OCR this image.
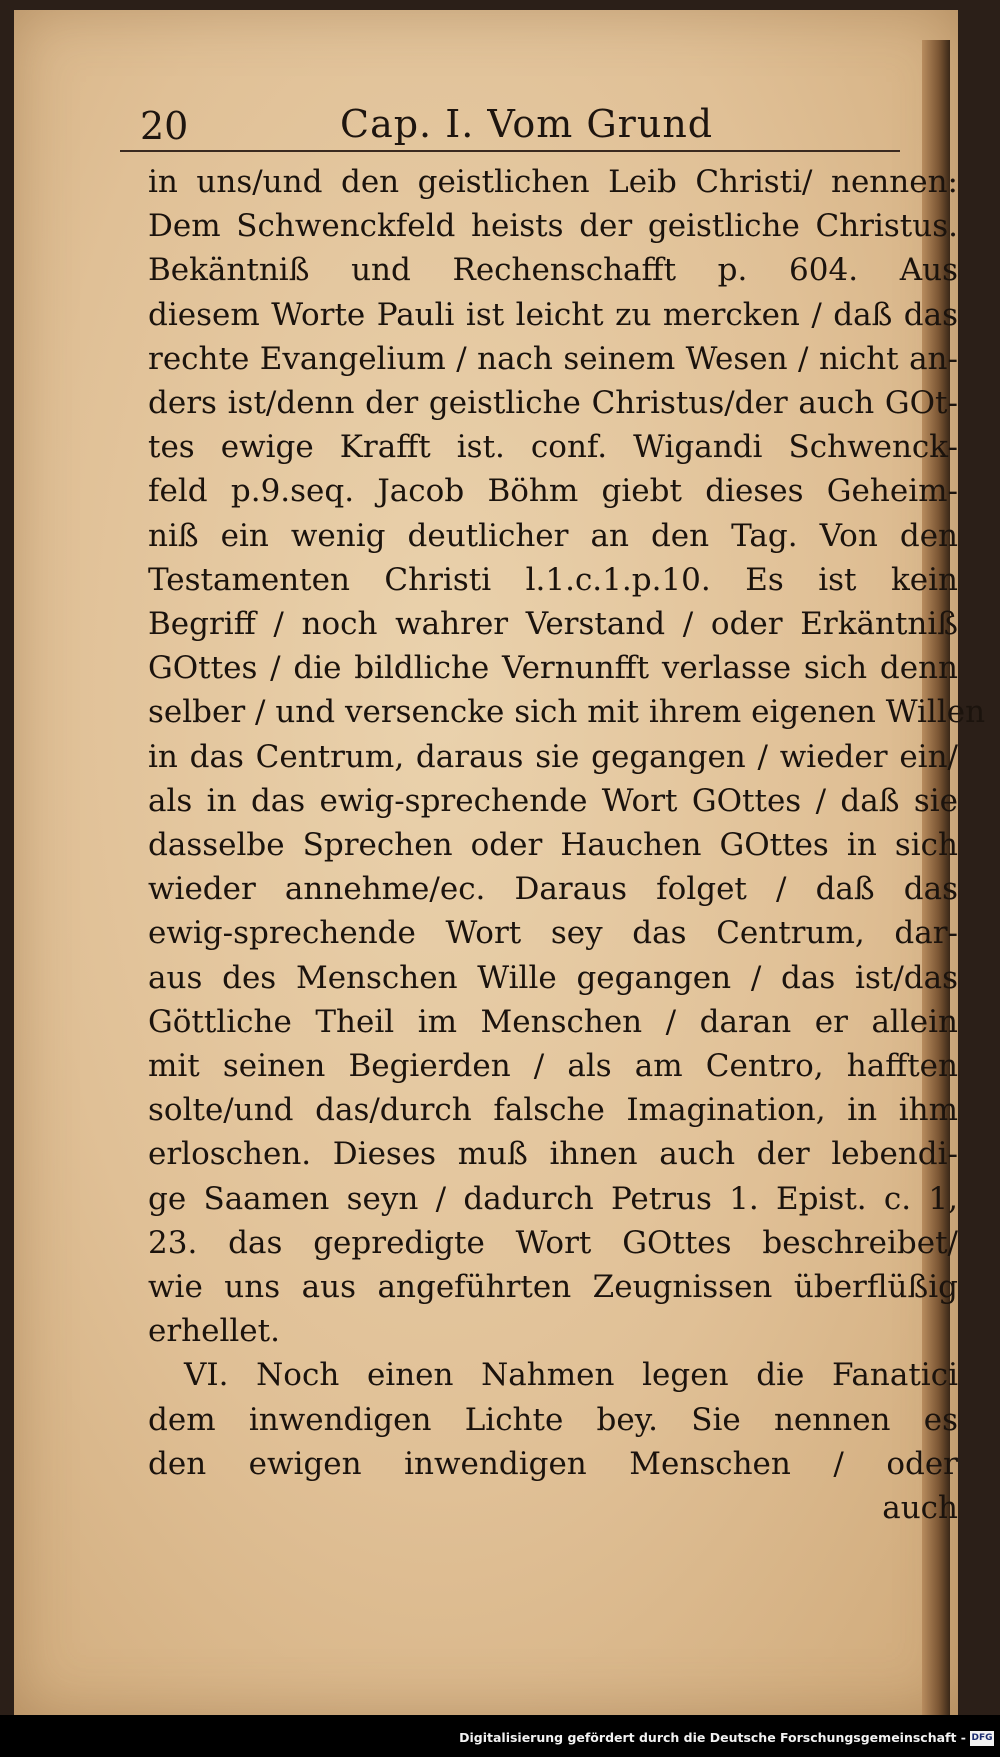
20	Cap. I. Vom Grund
in uns/und den geistlichen Leib Christi/ nennen:
Dem Schwenckfeld heists der geistliche Christus.
Bekäntniß und Rechenschafft p. 604. Aus
diesem Worte Pauli ist leicht zu mercken / daß das
rechte Evangelium / nach seinem Wesen / nicht an-
ders ist/denn der geistliche Christus/der auch GOt-
tes ewige Krafft ist. conf. Wigandi Schwenck-
feld p.9.seq. Jacob Böhm giebt dieses Geheim-
niß ein wenig deutlicher an den Tag. Von den
Testamenten Christi l.1.c.1.p.10. Es ist kein
Begriff / noch wahrer Verstand / oder Erkäntniß
GOttes / die bildliche Vernunfft verlasse sich denn
selber / und versencke sich mit ihrem eigenen Willen
in das Centrum, daraus sie gegangen / wieder ein/
als in das ewig-sprechende Wort GOttes / daß sie
dasselbe Sprechen oder Hauchen GOttes in sich
wieder annehme/ec. Daraus folget / daß das
ewig-sprechende Wort sey das Centrum, dar-
aus des Menschen Wille gegangen / das ist/das
Göttliche Theil im Menschen / daran er allein
mit seinen Begierden / als am Centro, hafften
solte/und das/durch falsche Imagination, in ihm
erloschen. Dieses muß ihnen auch der lebendi-
ge Saamen seyn / dadurch Petrus 1. Epist. c. 1,
23. das gepredigte Wort GOttes beschreibet/
wie uns aus angeführten Zeugnissen überflüßig
erhellet.
VI. Noch einen Nahmen legen die Fanatici
dem inwendigen Lichte bey. Sie nennen es
den ewigen inwendigen Menschen / oder
auch
Digitalisierung gefördert durch die Deutsche Forschungsgemeinschaft - DFG
